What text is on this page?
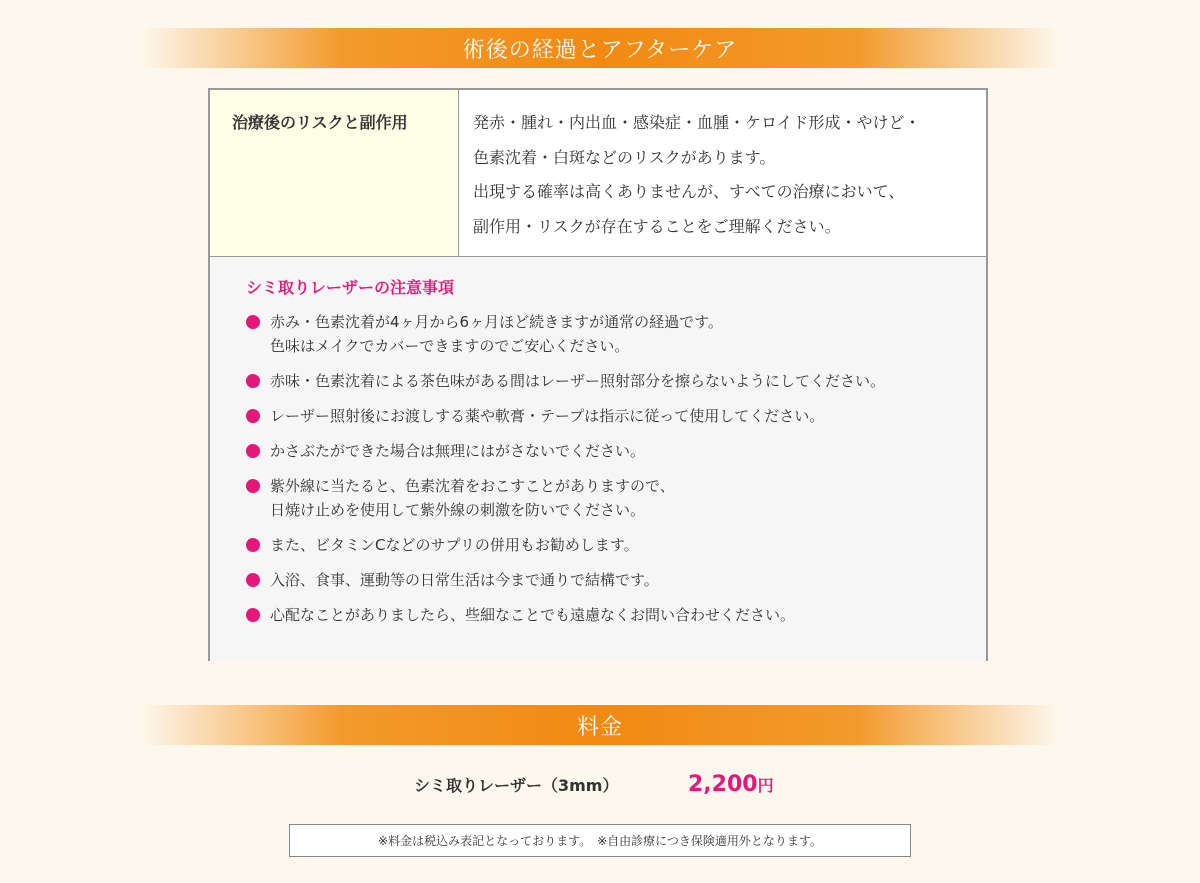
術後の経過とアフターケア
治療後のリスクと副作用	発赤・腫れ・内出血・感染症・血腫・ケロイド形成・やけど・
色素沈着・白斑などのリスクがあります。
出現する確率は高くありませんが、すべての治療において、
副作用・リスクが存在することをご理解ください。

シミ取りレーザーの注意事項

赤み・色素沈着が4ヶ月から6ヶ月ほど続きますが通常の経過です。
色味はメイクでカバーできますのでご安心ください。
赤味・色素沈着による茶色味がある間はレーザー照射部分を擦らないようにしてください。
レーザー照射後にお渡しする薬や軟膏・テープは指示に従って使用してください。
かさぶたができた場合は無理にはがさないでください。
紫外線に当たると、色素沈着をおこすことがありますので、
日焼け止めを使用して紫外線の刺激を防いでください。
また、ビタミンCなどのサプリの併用もお勧めします。
入浴、食事、運動等の日常生活は今まで通りで結構です。
心配なことがありましたら、些細なことでも遠慮なくお問い合わせください。
料金
シミ取りレーザー（3mm）	2,200円
※料金は税込み表記となっております。　※自由診療につき保険適用外となります。
